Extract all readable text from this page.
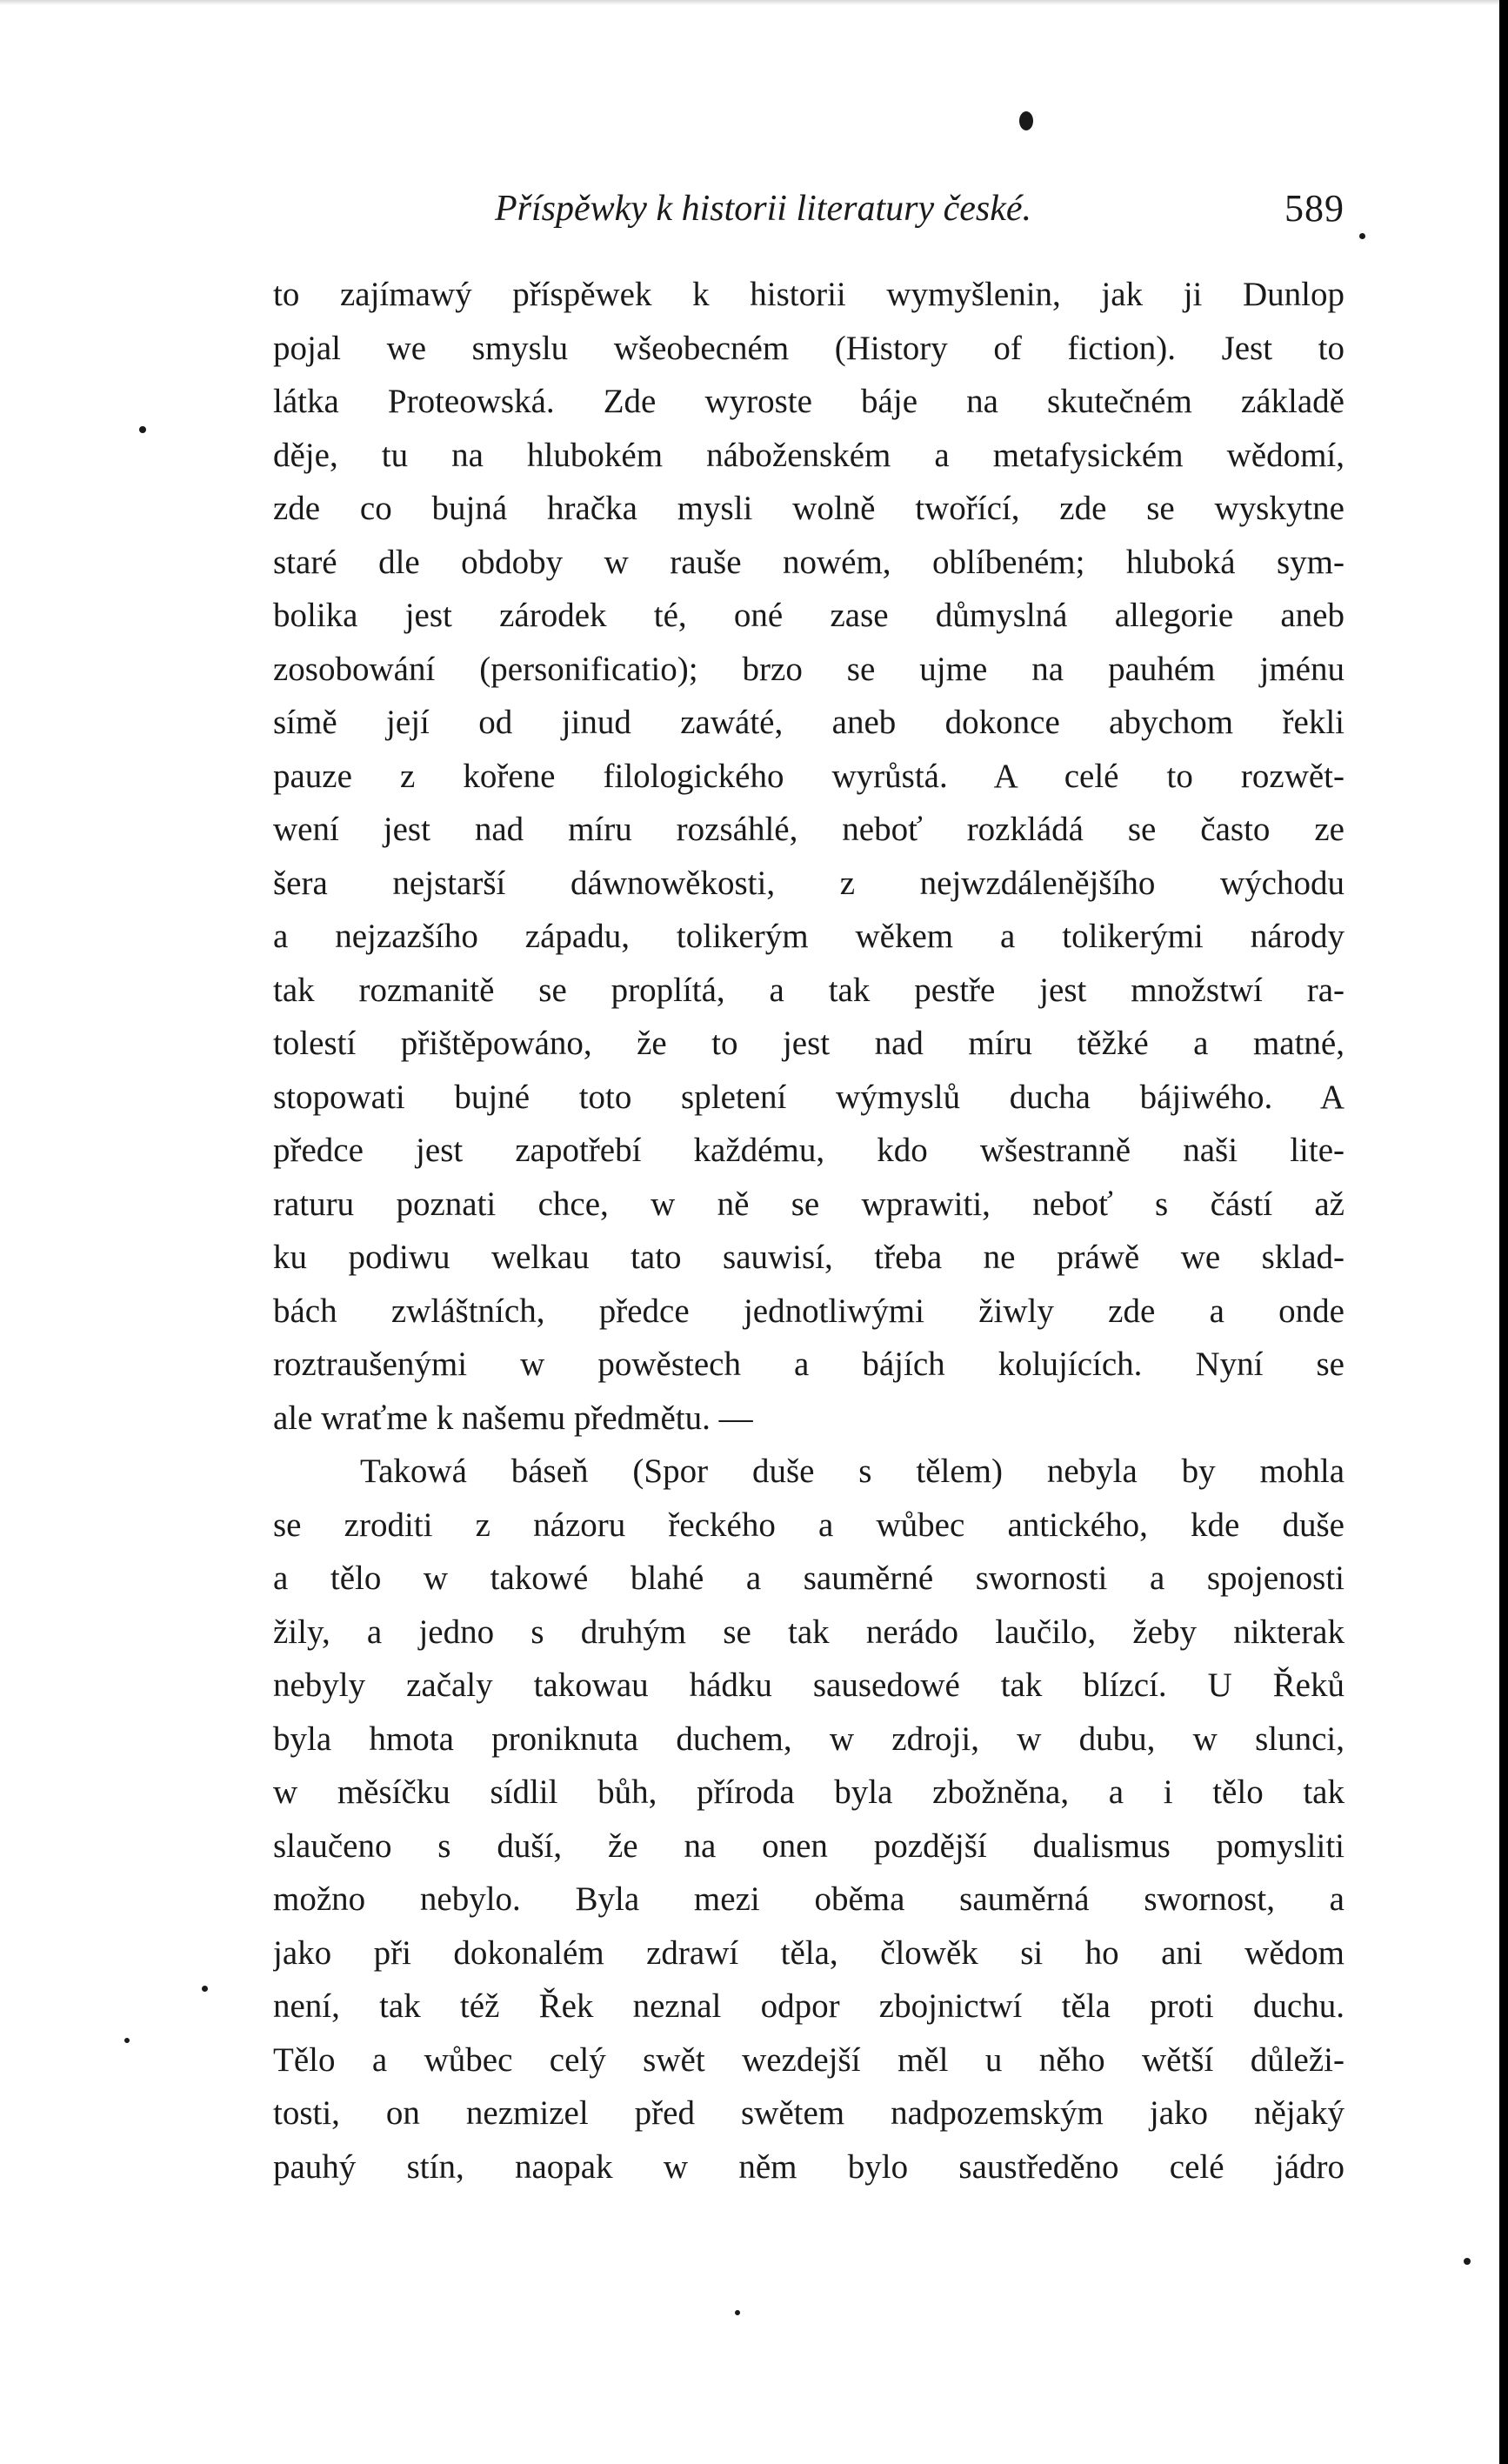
Příspěwky k historii literatury české.	589
to zajímawý příspěwek k historii wymyšlenin, jak ji Dunlop
pojal we smyslu wšeobecném (History of fiction). Jest to
látka Proteowská. Zde wyroste báje na skutečném základě
děje, tu na hlubokém náboženském a metafysickém wědomí,
zde co bujná hračka mysli wolně twořící, zde se wyskytne
staré dle obdoby w rauše nowém, oblíbeném; hluboká sym-
bolika jest zárodek té, oné zase důmyslná allegorie aneb
zosobowání (personificatio); brzo se ujme na pauhém jménu
símě její od jinud zawáté, aneb dokonce abychom řekli
pauze z kořene filologického wyrůstá. A celé to rozwět-
wení jest nad míru rozsáhlé, neboť rozkládá se často ze
šera nejstarší dáwnowěkosti, z nejwzdálenějšího wýchodu
a nejzazšího západu, tolikerým wěkem a tolikerými národy
tak rozmanitě se proplítá, a tak pestře jest množstwí ra-
tolestí přištěpowáno, že to jest nad míru těžké a matné,
stopowati bujné toto spletení wýmyslů ducha bájiwého. A
předce jest zapotřebí každému, kdo wšestranně naši lite-
raturu poznati chce, w ně se wprawiti, neboť s částí až
ku podiwu welkau tato sauwisí, třeba ne práwě we sklad-
bách zwláštních, předce jednotliwými žiwly zde a onde
roztraušenými w powěstech a bájích kolujících. Nyní se
ale wraťme k našemu předmětu. —
Takowá báseň (Spor duše s tělem) nebyla by mohla
se zroditi z názoru řeckého a wůbec antického, kde duše
a tělo w takowé blahé a sauměrné swornosti a spojenosti
žily, a jedno s druhým se tak nerádo laučilo, žeby nikterak
nebyly začaly takowau hádku sausedowé tak blízcí. U Řeků
byla hmota proniknuta duchem, w zdroji, w dubu, w slunci,
w měsíčku sídlil bůh, příroda byla zbožněna, a i tělo tak
slaučeno s duší, že na onen pozdější dualismus pomysliti
možno nebylo. Byla mezi oběma sauměrná swornost, a
jako při dokonalém zdrawí těla, člowěk si ho ani wědom
není, tak též Řek neznal odpor zbojnictwí těla proti duchu.
Tělo a wůbec celý swět wezdejší měl u něho wětší důleži-
tosti, on nezmizel před swětem nadpozemským jako nějaký
pauhý stín, naopak w něm bylo saustředěno celé jádro
